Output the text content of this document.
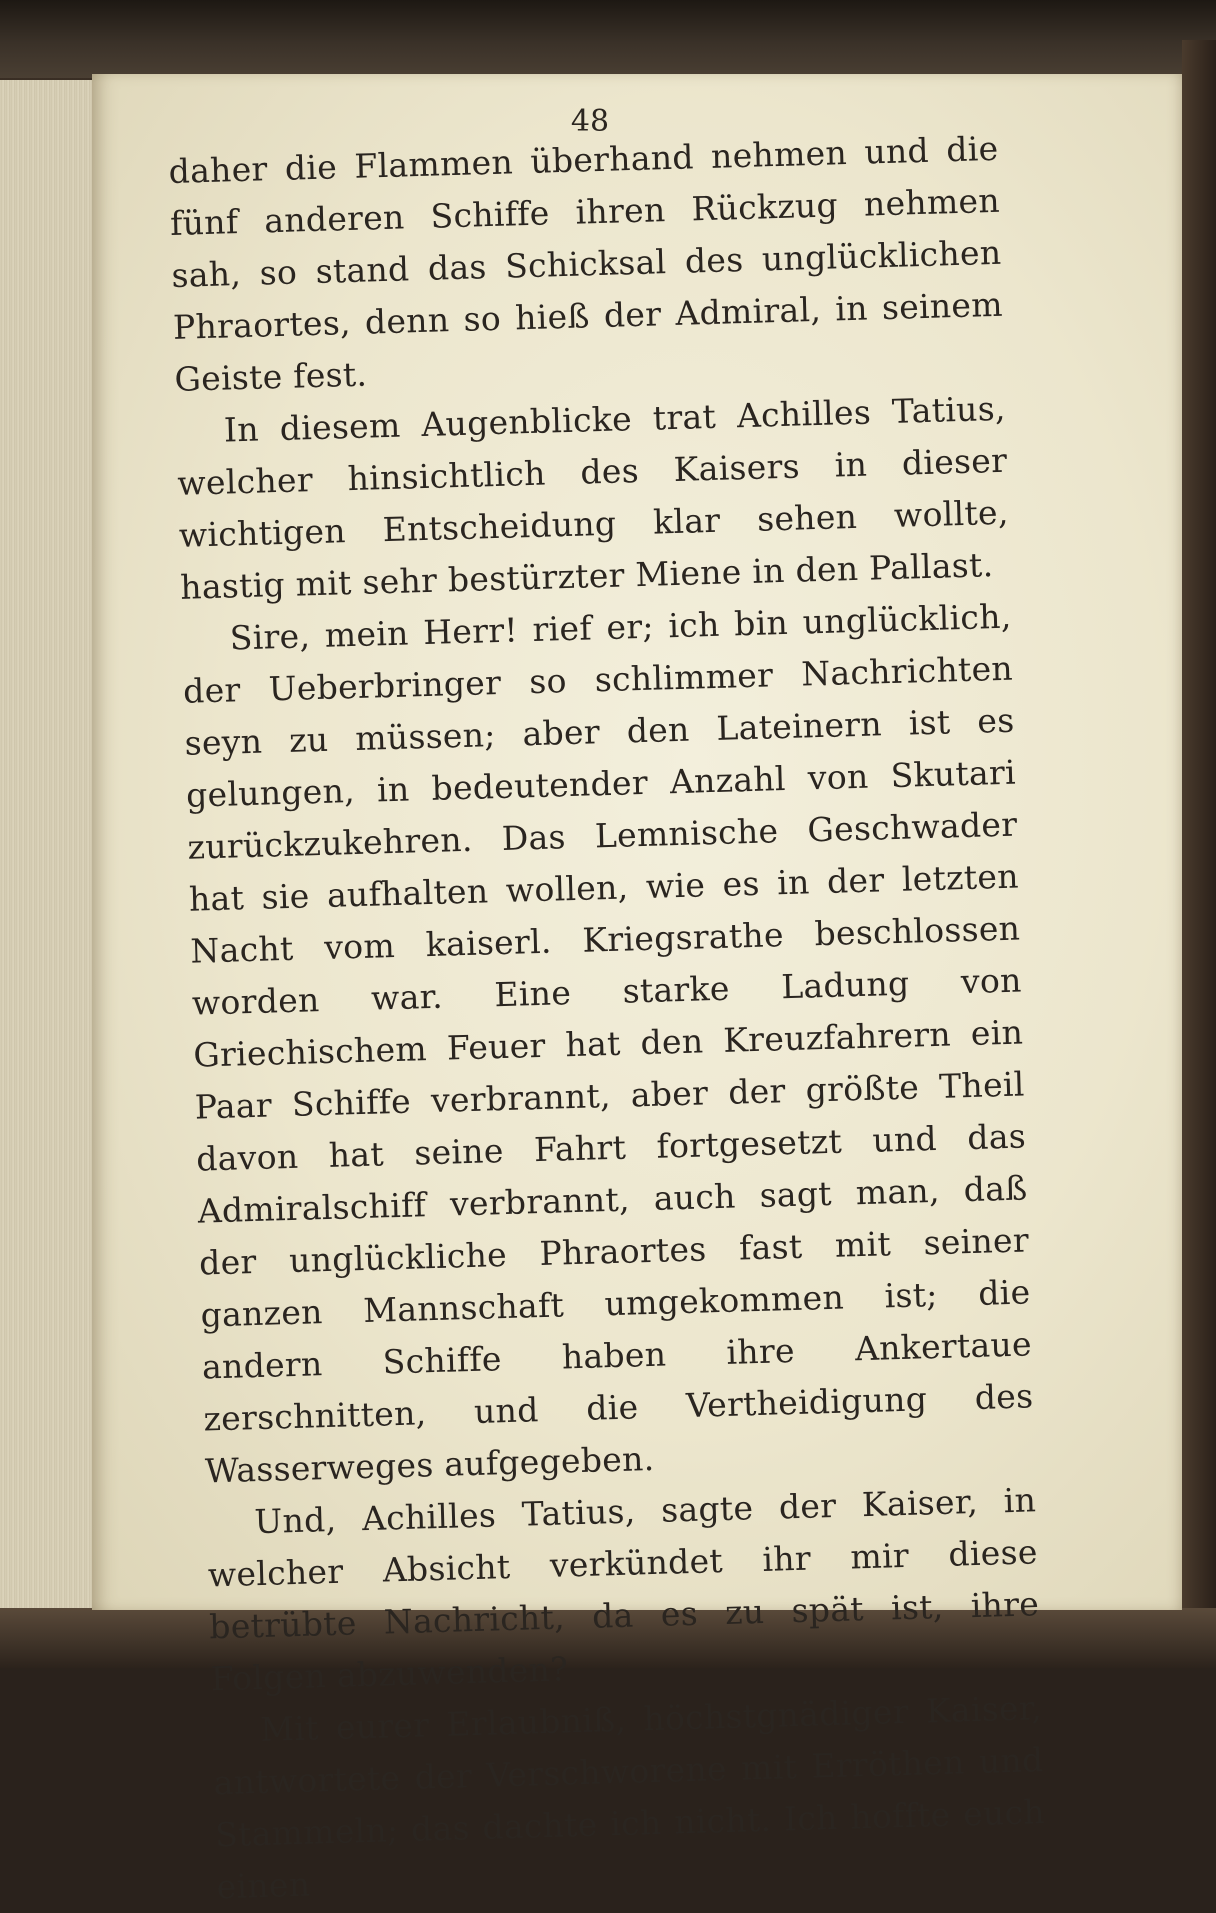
48

daher die Flammen überhand nehmen und die fünf anderen Schiffe ihren Rückzug nehmen sah, so stand das Schicksal des unglücklichen Phraortes, denn so hieß der Admiral, in seinem Geiste fest.

In diesem Augenblicke trat Achilles Tatius, welcher hinsichtlich des Kaisers in dieser wichtigen Entscheidung klar sehen wollte, hastig mit sehr bestürzter Miene in den Pallast.

Sire, mein Herr! rief er; ich bin unglücklich, der Ueberbringer so schlimmer Nachrichten seyn zu müssen; aber den Lateinern ist es gelungen, in bedeutender Anzahl von Skutari zurückzukehren. Das Lemnische Geschwader hat sie aufhalten wollen, wie es in der letzten Nacht vom kaiserl. Kriegsrathe beschlossen worden war. Eine starke Ladung von Griechischem Feuer hat den Kreuzfahrern ein Paar Schiffe verbrannt, aber der größte Theil davon hat seine Fahrt fortgesetzt und das Admiralschiff verbrannt, auch sagt man, daß der unglückliche Phraortes fast mit seiner ganzen Mannschaft umgekommen ist; die andern Schiffe haben ihre Ankertaue zerschnitten, und die Vertheidigung des Wasserweges aufgegeben.

Und, Achilles Tatius, sagte der Kaiser, in welcher Absicht verkündet ihr mir diese betrübte Nachricht, da es zu spät ist, ihre Folgen abzuwenden?

Mit eurer Erlaubniß, höchstgnädiger Kaiser, antwortete der Verschworene mit Erröthen und Stammeln; das dachte ich nicht. Ich hoffte euch einen
